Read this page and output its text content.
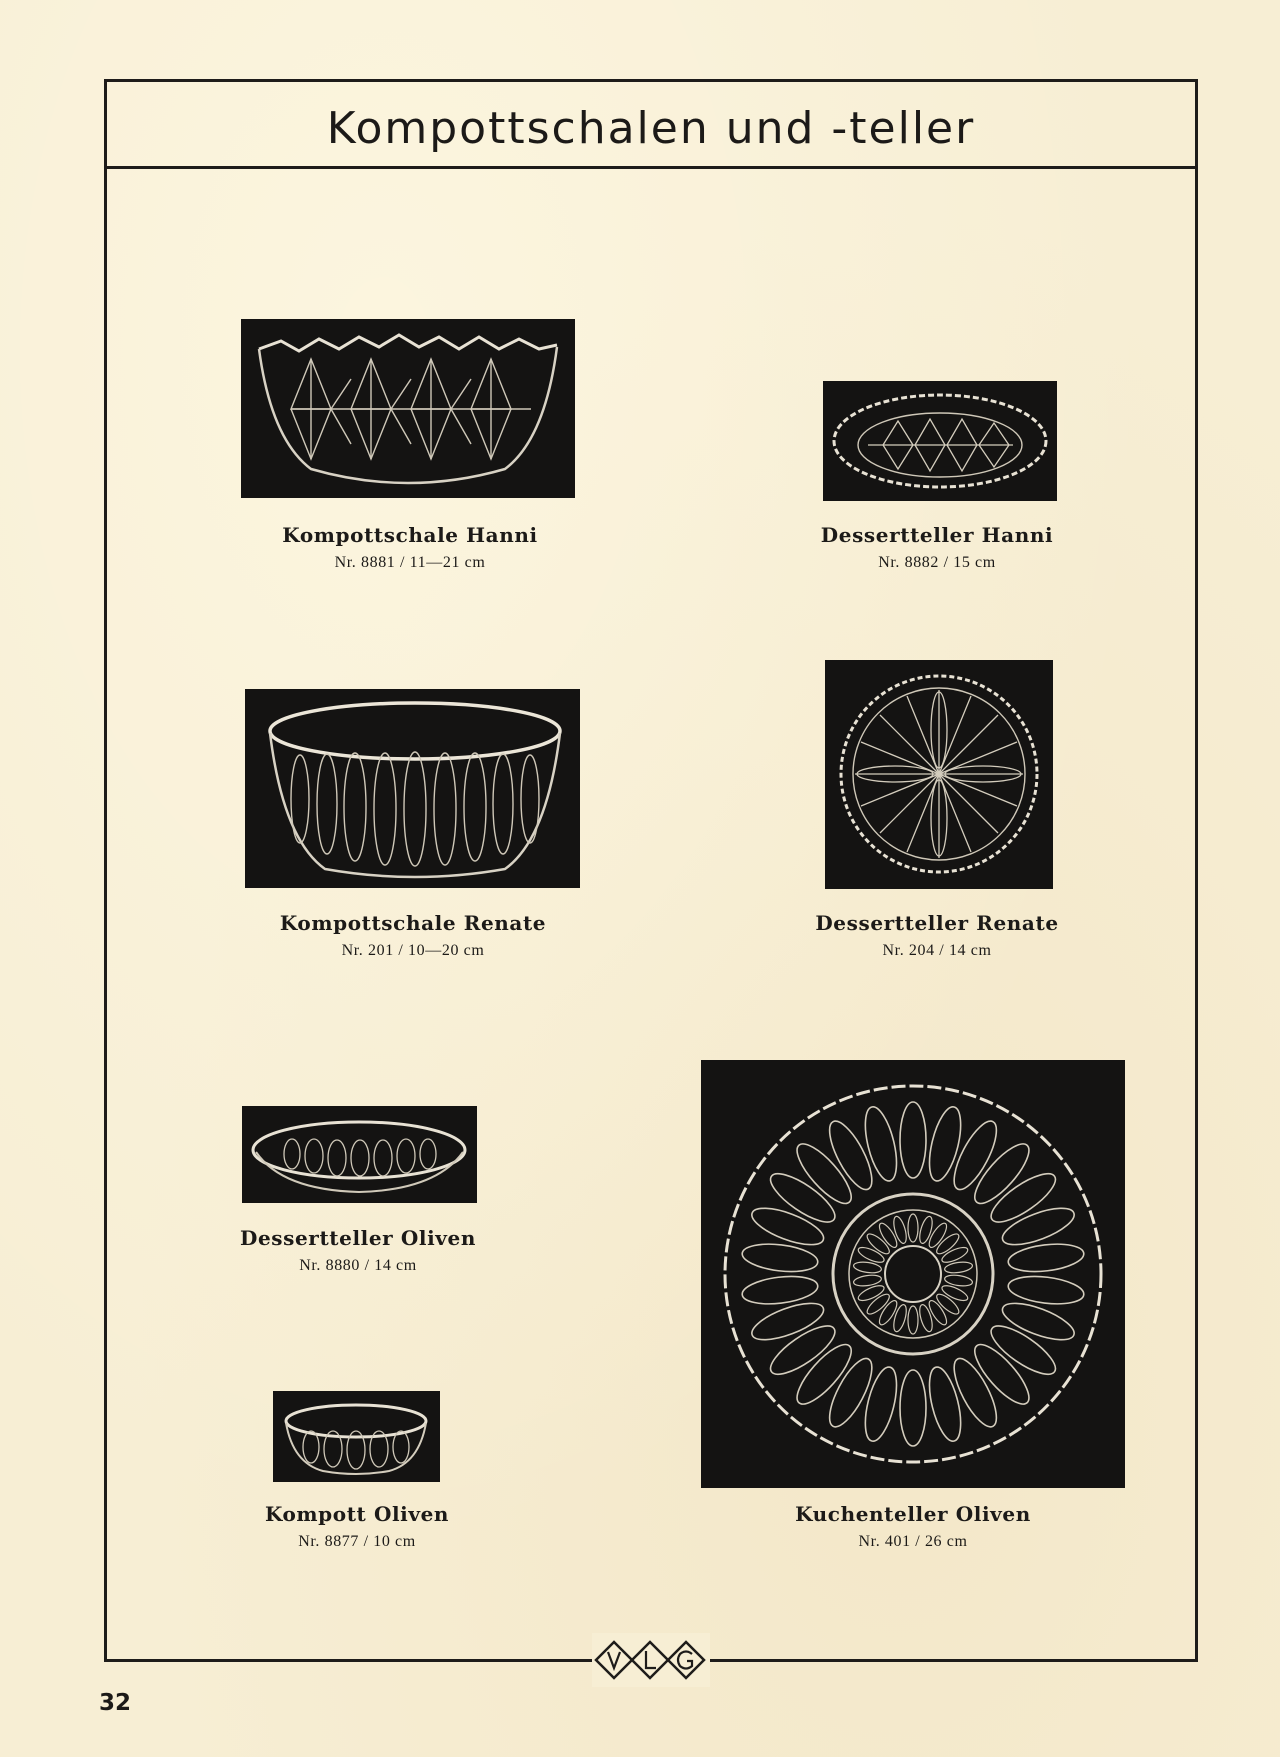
Kompottschalen und -teller
Kompottschale Hanni
Nr. 8881 / 11—21 cm
Dessertteller Hanni
Nr. 8882 / 15 cm
Kompottschale Renate
Nr. 201 / 10—20 cm
Dessertteller Renate
Nr. 204 / 14 cm
Dessertteller Oliven
Nr. 8880 / 14 cm
Kompott Oliven
Nr. 8877 / 10 cm
Kuchenteller Oliven
Nr. 401 / 26 cm
32
